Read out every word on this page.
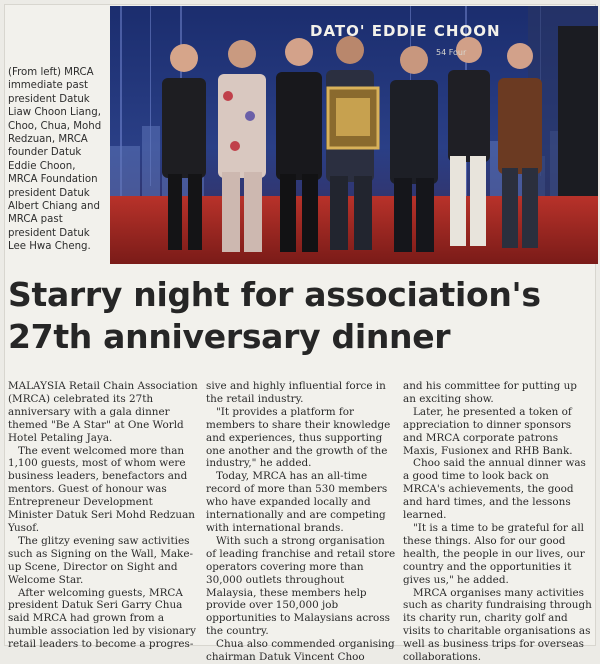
DATO' EDDIE CHOON
54 Four
(From left) MRCA immediate past president Datuk Liaw Choon Liang, Choo, Chua, Mohd Redzuan, MRCA founder Datuk Eddie Choon, MRCA Foundation president Datuk Albert Chiang and MRCA past president Datuk Lee Hwa Cheng.
Starry night for association's 27th anniversary dinner

MALAYSIA Retail Chain Association (MRCA) celebrated its 27th anniversary with a gala dinner themed "Be A Star" at One World Hotel Petaling Jaya.

The event welcomed more than 1,100 guests, most of whom were business leaders, benefactors and mentors. Guest of honour was Entrepreneur Development Minister Datuk Seri Mohd Redzuan Yusof.

The glitzy evening saw activities such as Signing on the Wall, Make-up Scene, Director on Sight and Welcome Star.

After welcoming guests, MRCA president Datuk Seri Garry Chua said MRCA had grown from a humble association led by visionary retail leaders to become a progres-

sive and highly influential force in the retail industry.

"It provides a platform for members to share their knowledge and experiences, thus supporting one another and the growth of the industry," he added.

Today, MRCA has an all-time record of more than 530 members who have expanded locally and internationally and are competing with international brands.

With such a strong organisation of leading franchise and retail store operators covering more than 30,000 outlets throughout Malaysia, these members help provide over 150,000 job opportunities to Malaysians across the country.

Chua also commended organising chairman Datuk Vincent Choo

and his committee for putting up an exciting show.

Later, he presented a token of appreciation to dinner sponsors and MRCA corporate patrons Maxis, Fusionex and RHB Bank.

Choo said the annual dinner was a good time to look back on MRCA's achievements, the good and hard times, and the lessons learned.

"It is a time to be grateful for all these things. Also for our good health, the people in our lives, our country and the opportunities it gives us," he added.

MRCA organises many activities such as charity fundraising through its charity run, charity golf and visits to charitable organisations as well as business trips for overseas collaborations.
